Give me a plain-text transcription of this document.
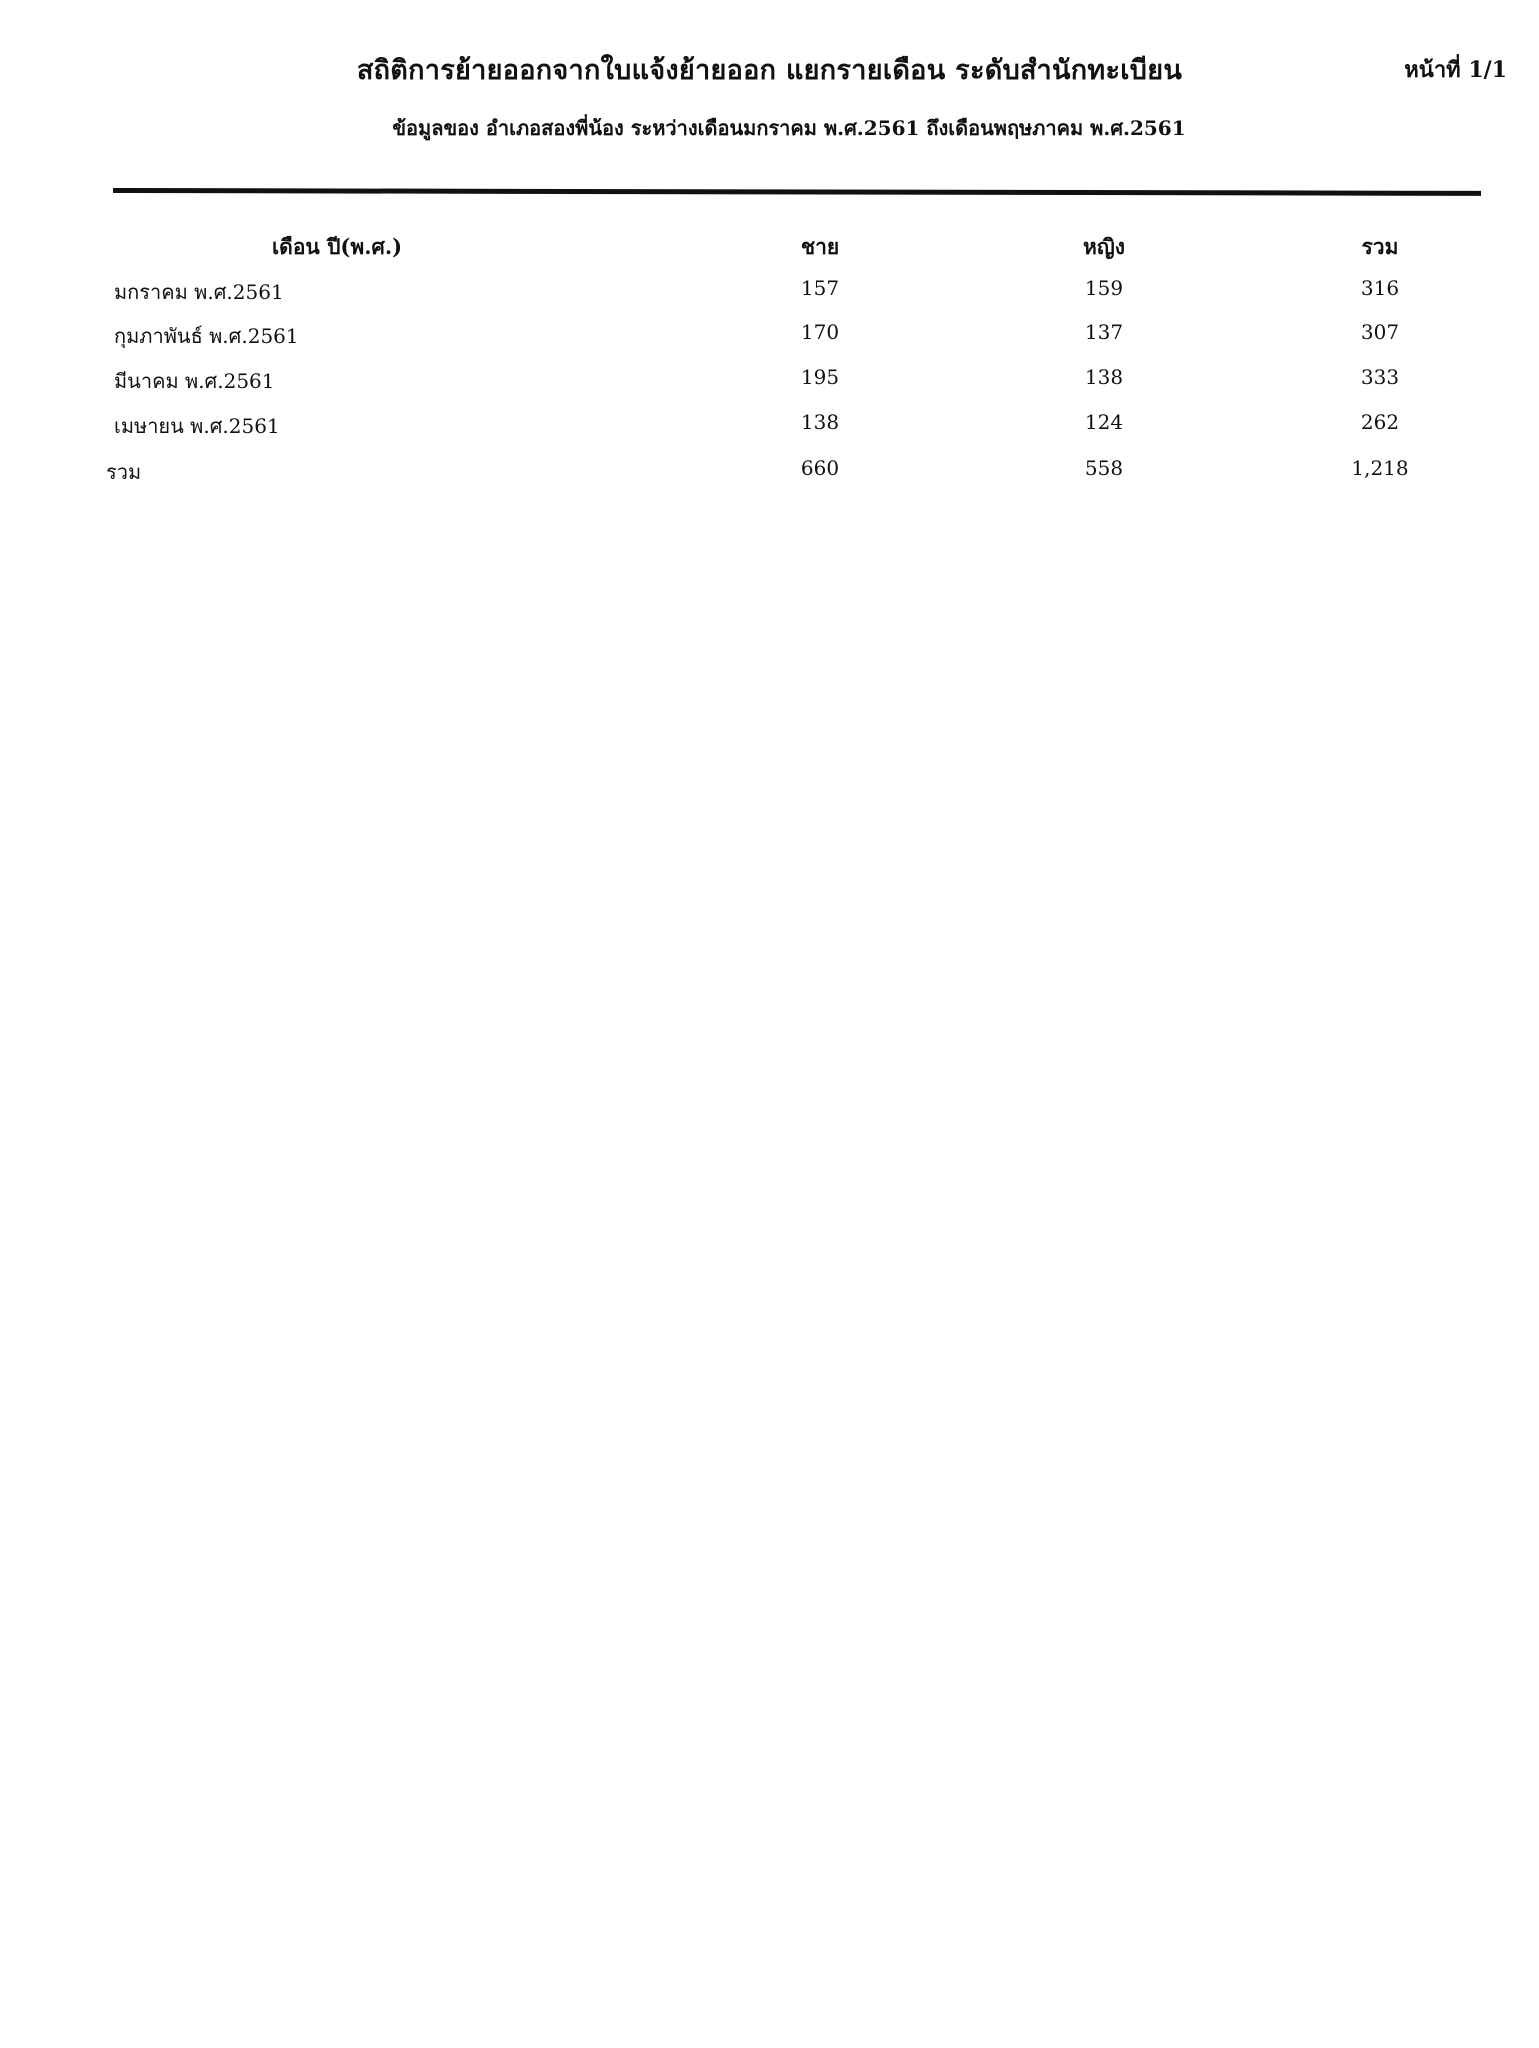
สถิติการย้ายออกจากใบแจ้งย้ายออก แยกรายเดือน ระดับสำนักทะเบียน	หน้าที่ 1/1
ข้อมูลของ อำเภอสองพี่น้อง ระหว่างเดือนมกราคม พ.ศ.2561 ถึงเดือนพฤษภาคม พ.ศ.2561
เดือน ปี(พ.ศ.)	ชาย	หญิง	รวม
มกราคม พ.ศ.2561	157	159	316
กุมภาพันธ์ พ.ศ.2561	170	137	307
มีนาคม พ.ศ.2561	195	138	333
เมษายน พ.ศ.2561	138	124	262
รวม	660	558	1,218
